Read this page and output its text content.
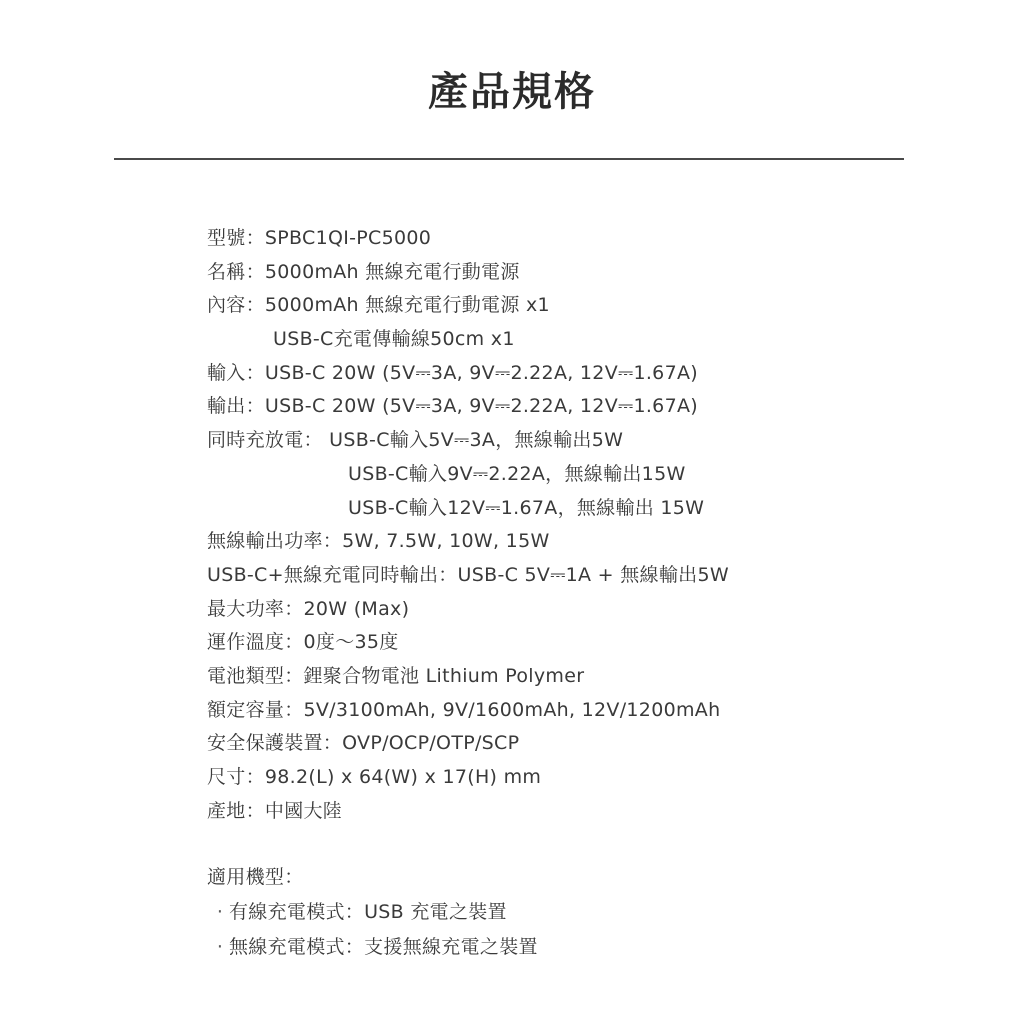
產品規格
型號：SPBC1QI-PC5000
名稱：5000mAh 無線充電行動電源
內容：5000mAh 無線充電行動電源 x1
USB-C充電傳輸線50cm x1
輸入：USB-C 20W (5V⎓3A, 9V⎓2.22A, 12V⎓1.67A)
輸出：USB-C 20W (5V⎓3A, 9V⎓2.22A, 12V⎓1.67A)
同時充放電： USB-C輸入5V⎓3A，無線輸出5W
USB-C輸入9V⎓2.22A，無線輸出15W
USB-C輸入12V⎓1.67A，無線輸出 15W
無線輸出功率：5W, 7.5W, 10W, 15W
USB-C+無線充電同時輸出：USB-C 5V⎓1A + 無線輸出5W
最大功率：20W (Max)
運作溫度：0度～35度
電池類型：鋰聚合物電池 Lithium Polymer
額定容量：5V/3100mAh, 9V/1600mAh, 12V/1200mAh
安全保護裝置：OVP/OCP/OTP/SCP
尺寸：98.2(L) x 64(W) x 17(H) mm
產地：中國大陸
適用機型：
· 有線充電模式：USB 充電之裝置
· 無線充電模式：支援無線充電之裝置
